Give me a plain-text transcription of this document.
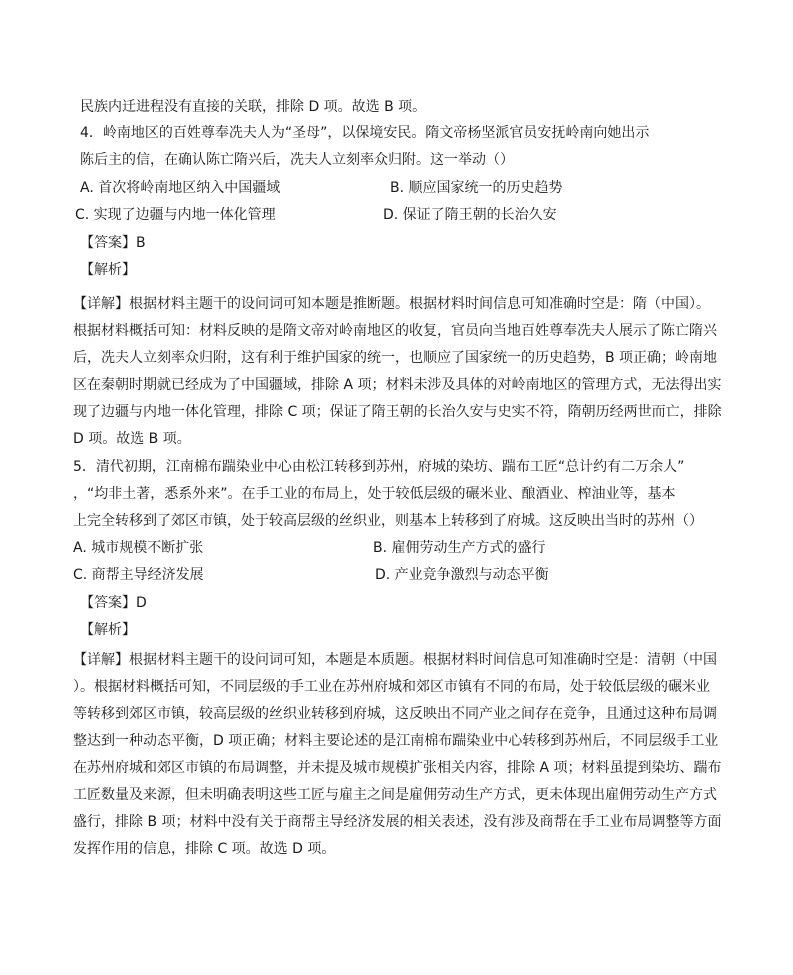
民族内迁进程没有直接的关联，排除 D 项。故选 B 项。
4．岭南地区的百姓尊奉冼夫人为“圣母”，以保境安民。隋文帝杨坚派官员安抚岭南向她出示
陈后主的信，在确认陈亡隋兴后，冼夫人立刻率众归附。这一举动（）
A. 首次将岭南地区纳入中国疆域	B. 顺应国家统一的历史趋势
C. 实现了边疆与内地一体化管理	D. 保证了隋王朝的长治久安
【答案】B
【解析】
【详解】根据材料主题干的设问词可知本题是推断题。根据材料时间信息可知准确时空是：隋（中国）。
根据材料概括可知：材料反映的是隋文帝对岭南地区的收复，官员向当地百姓尊奉冼夫人展示了陈亡隋兴
后，冼夫人立刻率众归附，这有利于维护国家的统一，也顺应了国家统一的历史趋势，B 项正确；岭南地
区在秦朝时期就已经成为了中国疆域，排除 A 项；材料未涉及具体的对岭南地区的管理方式，无法得出实
现了边疆与内地一体化管理，排除 C 项；保证了隋王朝的长治久安与史实不符，隋朝历经两世而亡，排除
D 项。故选 B 项。
5．清代初期，江南棉布踹染业中心由松江转移到苏州，府城的染坊、踹布工匠“总计约有二万余人”
，“均非土著，悉系外来”。在手工业的布局上，处于较低层级的碾米业、酿酒业、榨油业等，基本
上完全转移到了郊区市镇，处于较高层级的丝织业，则基本上转移到了府城。这反映出当时的苏州（）
A. 城市规模不断扩张	B. 雇佣劳动生产方式的盛行
C. 商帮主导经济发展	D. 产业竞争激烈与动态平衡
【答案】D
【解析】
【详解】根据材料主题干的设问词可知，本题是本质题。根据材料时间信息可知准确时空是：清朝（中国
）。根据材料概括可知，不同层级的手工业在苏州府城和郊区市镇有不同的布局，处于较低层级的碾米业
等转移到郊区市镇，较高层级的丝织业转移到府城，这反映出不同产业之间存在竞争，且通过这种布局调
整达到一种动态平衡，D 项正确；材料主要论述的是江南棉布踹染业中心转移到苏州后，不同层级手工业
在苏州府城和郊区市镇的布局调整，并未提及城市规模扩张相关内容，排除 A 项；材料虽提到染坊、踹布
工匠数量及来源，但未明确表明这些工匠与雇主之间是雇佣劳动生产方式，更未体现出雇佣劳动生产方式
盛行，排除 B 项；材料中没有关于商帮主导经济发展的相关表述，没有涉及商帮在手工业布局调整等方面
发挥作用的信息，排除 C 项。故选 D 项。
